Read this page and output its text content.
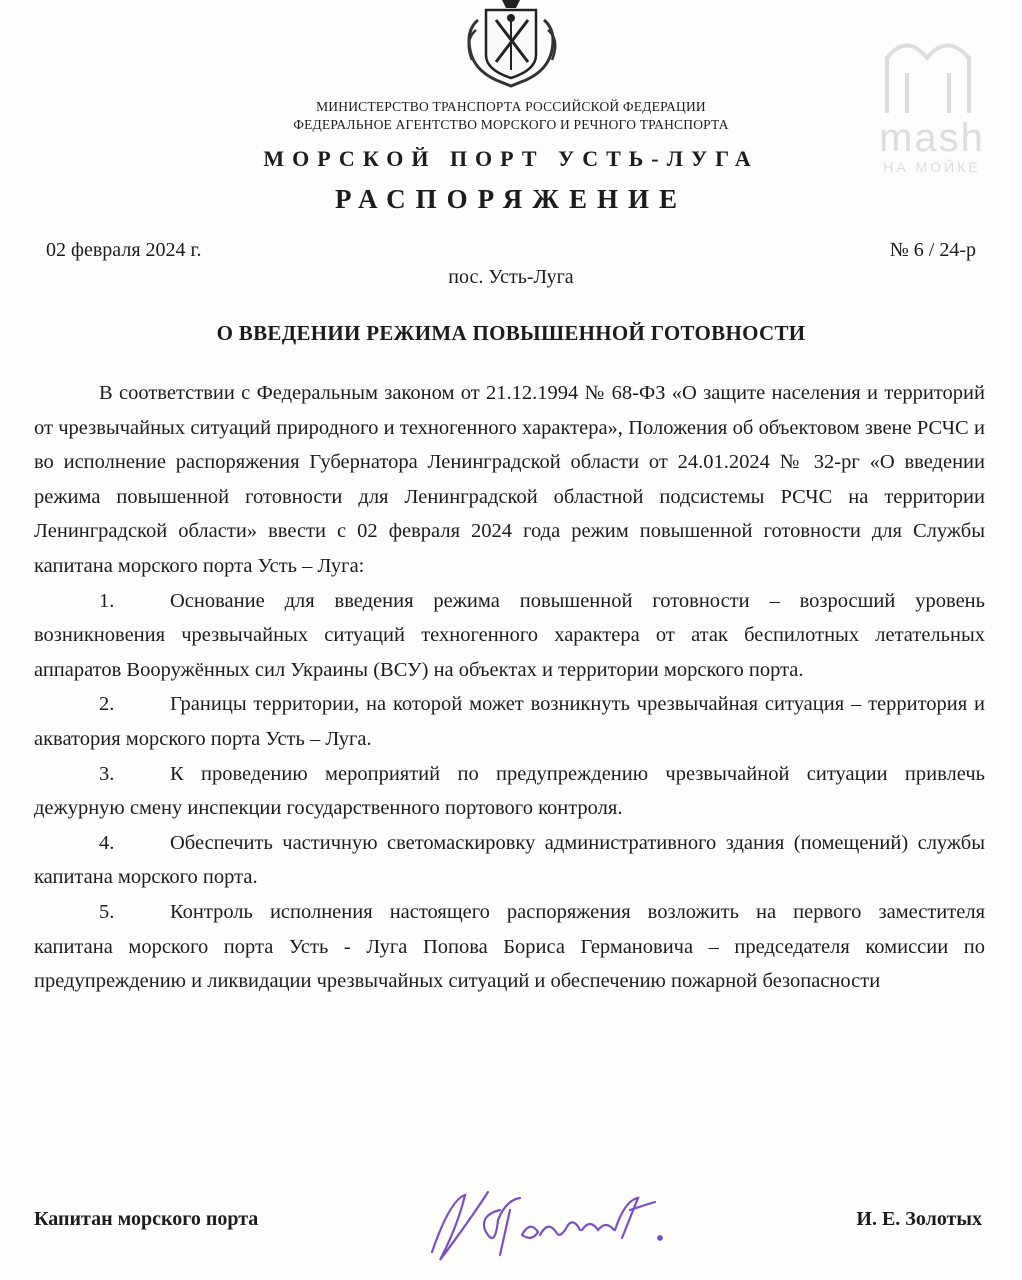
mash
НА МОЙКЕ
МИНИСТЕРСТВО ТРАНСПОРТА РОССИЙСКОЙ ФЕДЕРАЦИИ
ФЕДЕРАЛЬНОЕ АГЕНТСТВО МОРСКОГО И РЕЧНОГО ТРАНСПОРТА
МОРСКОЙ ПОРТ УСТЬ-ЛУГА
РАСПОРЯЖЕНИЕ
02 февраля 2024 г.	№ 6 / 24-р
пос. Усть-Луга
О ВВЕДЕНИИ РЕЖИМА ПОВЫШЕННОЙ ГОТОВНОСТИ

В соответствии с Федеральным законом от 21.12.1994 № 68-ФЗ «О защите населения и территорий от чрезвычайных ситуаций природного и техногенного характера», Положения об объектовом звене РСЧС и во исполнение распоряжения Губернатора Ленинградской области от 24.01.2024 № 32-рг «О введении режима повышенной готовности для Ленинградской областной подсистемы РСЧС на территории Ленинградской области» ввести с 02 февраля 2024 года режим повышенной готовности для Службы капитана морского порта Усть – Луга:

1.	Основание для введения режима повышенной готовности – возросший уровень возникновения чрезвычайных ситуаций техногенного характера от атак беспилотных летательных аппаратов Вооружённых сил Украины (ВСУ) на объектах и территории морского порта.

2.	Границы территории, на которой может возникнуть чрезвычайная ситуация – территория и акватория морского порта Усть – Луга.

3.	К проведению мероприятий по предупреждению чрезвычайной ситуации привлечь дежурную смену инспекции государственного портового контроля.

4.	Обеспечить частичную светомаскировку административного здания (помещений) службы капитана морского порта.

5.	Контроль исполнения настоящего распоряжения возложить на первого заместителя капитана морского порта Усть - Луга Попова Бориса Германовича – председателя комиссии по предупреждению и ликвидации чрезвычайных ситуаций и обеспечению пожарной безопасности

Капитан морского порта	И. Е. Золотых
